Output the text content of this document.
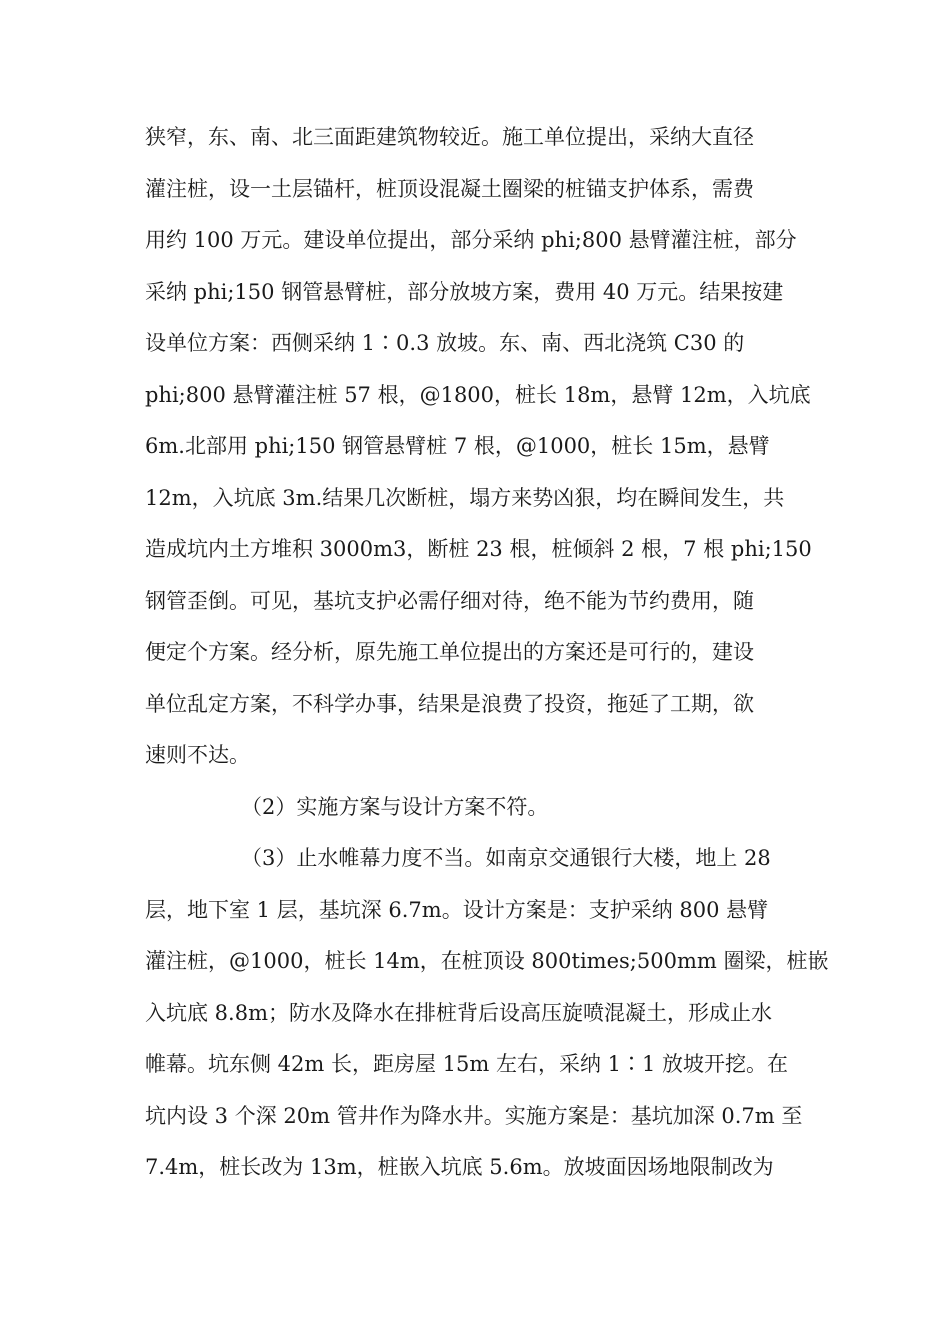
狭窄，东、南、北三面距建筑物较近。施工单位提出，采纳大直径
灌注桩，设一土层锚杆，桩顶设混凝土圈梁的桩锚支护体系，需费
用约 100 万元。建设单位提出，部分采纳 phi;800 悬臂灌注桩，部分
采纳 phi;150 钢管悬臂桩，部分放坡方案，费用 40 万元。结果按建
设单位方案：西侧采纳 1∶0.3 放坡。东、南、西北浇筑 C30 的
phi;800 悬臂灌注桩 57 根，@1800，桩长 18m，悬臂 12m，入坑底
6m.北部用 phi;150 钢管悬臂桩 7 根，@1000，桩长 15m，悬臂
12m，入坑底 3m.结果几次断桩，塌方来势凶狠，均在瞬间发生，共
造成坑内土方堆积 3000m3，断桩 23 根，桩倾斜 2 根，7 根 phi;150
钢管歪倒。可见，基坑支护必需仔细对待，绝不能为节约费用，随
便定个方案。经分析，原先施工单位提出的方案还是可行的，建设
单位乱定方案，不科学办事，结果是浪费了投资，拖延了工期，欲
速则不达。
（2）实施方案与设计方案不符。
（3）止水帷幕力度不当。如南京交通银行大楼，地上 28
层，地下室 1 层，基坑深 6.7m。设计方案是：支护采纳 800 悬臂
灌注桩，@1000，桩长 14m，在桩顶设 800times;500mm 圈梁，桩嵌
入坑底 8.8m；防水及降水在排桩背后设高压旋喷混凝土，形成止水
帷幕。坑东侧 42m 长，距房屋 15m 左右，采纳 1∶1 放坡开挖。在
坑内设 3 个深 20m 管井作为降水井。实施方案是：基坑加深 0.7m 至
7.4m，桩长改为 13m，桩嵌入坑底 5.6m。放坡面因场地限制改为
